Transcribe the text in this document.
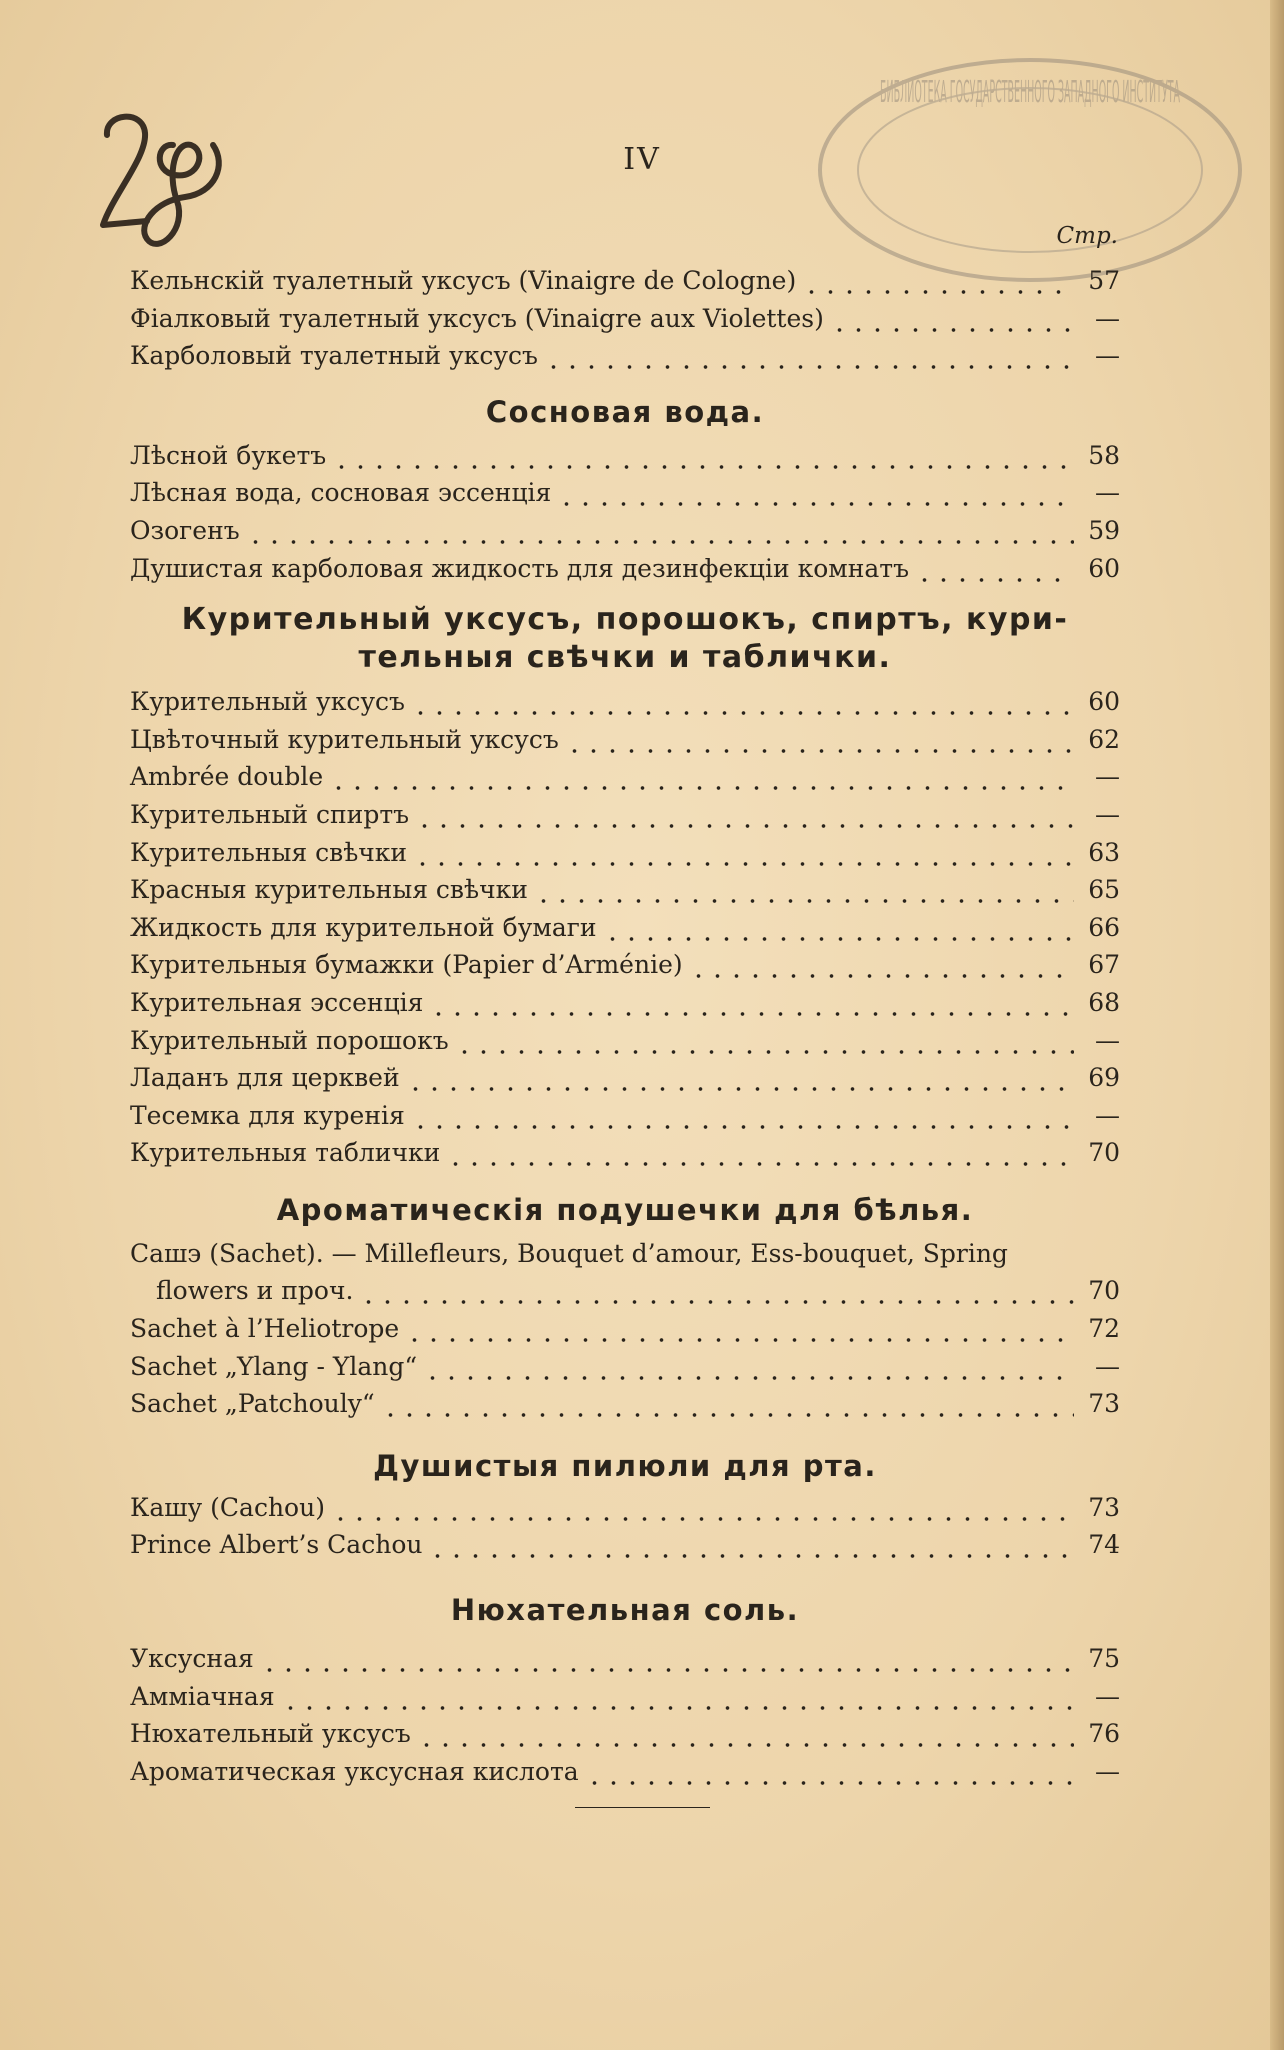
БИБЛИОТЕКА ГОСУДАРСТВЕННОГО ЗАПАДНОГО ИНСТИТУТА
IV
Стр.
Кельнскiй туалетный уксусъ (Vinaigre de Cologne)	57
Фiалковый туалетный уксусъ (Vinaigre aux Violettes)	—
Карболовый туалетный уксусъ	—
Сосновая вода.
Лѣсной букетъ	58
Лѣсная вода, сосновая эссенцiя	—
Озогенъ	59
Душистая карболовая жидкость для дезинфекцiи комнатъ	60
Курительный уксусъ, порошокъ, спиртъ, кури-
тельныя свѣчки и таблички.
Курительный уксусъ	60
Цвѣточный курительный уксусъ	62
Ambrée double	—
Курительный спиртъ	—
Курительныя свѣчки	63
Красныя курительныя свѣчки	65
Жидкость для курительной бумаги	66
Курительныя бумажки (Papier d’Arménie)	67
Курительная эссенцiя	68
Курительный порошокъ	—
Ладанъ для церквей	69
Тесемка для куренiя	—
Курительныя таблички	70
Ароматическiя подушечки для бѣлья.
Сашэ (Sachet). — Millefleurs, Bouquet d’amour, Ess-bouquet, Spring
flowers и проч.	70
Sachet à l’Heliotrope	72
Sachet „Ylang - Ylang“	—
Sachet „Patchouly“	73
Душистыя пилюли для рта.
Кашу (Cachou)	73
Prince Albert’s Cachou	74
Нюхательная соль.
Уксусная	75
Аммiачная	—
Нюхательный уксусъ	76
Ароматическая уксусная кислота	—
